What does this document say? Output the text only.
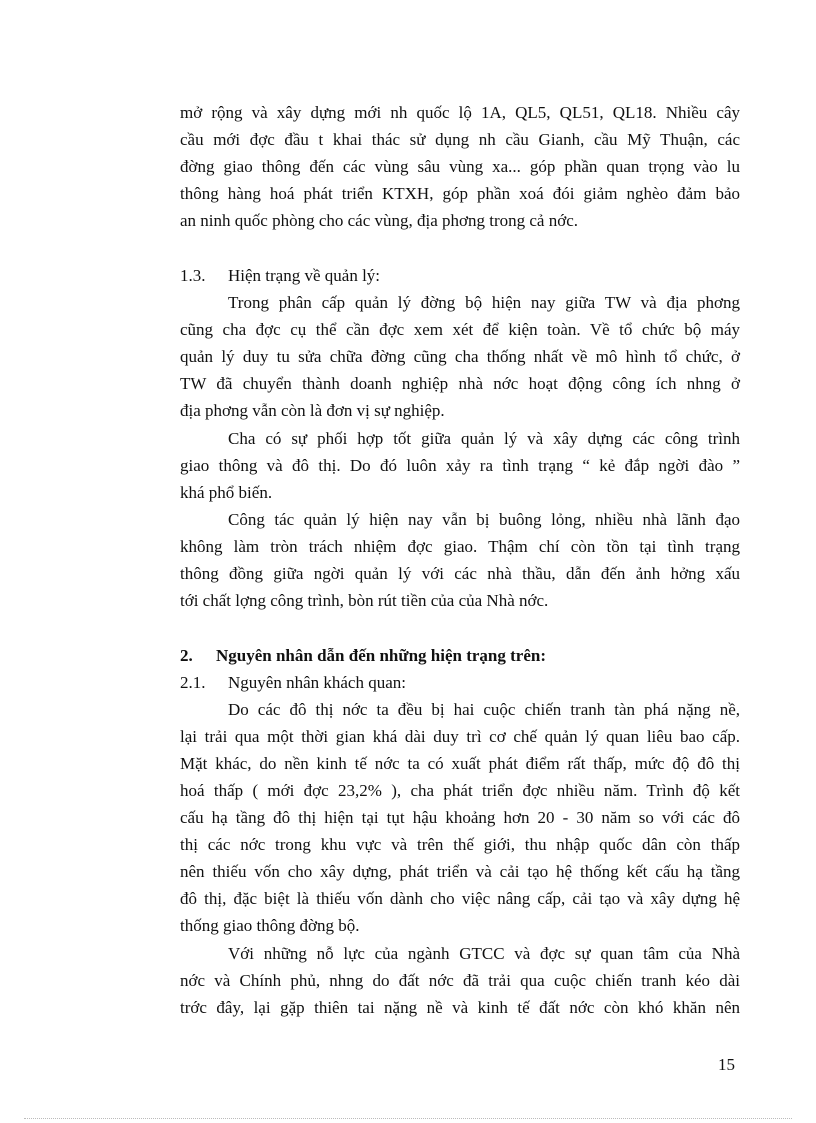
mở rộng và xây dựng mới nh quốc lộ 1A, QL5, QL51, QL18. Nhiều cây
cầu mới đợc đầu t khai thác sử dụng nh cầu Gianh, cầu Mỹ Thuận, các
đờng giao thông đến các vùng sâu vùng xa... góp phần quan trọng vào lu
thông hàng hoá phát triển KTXH, góp phần xoá đói giảm nghèo đảm bảo
an ninh quốc phòng cho các vùng, địa phơng trong cả nớc.
1.3. Hiện trạng về quản lý:
Trong phân cấp quản lý đờng bộ hiện nay giữa TW và địa phơng
cũng cha đợc cụ thể cần đợc xem xét để kiện toàn. Về tổ chức bộ máy
quản lý duy tu sửa chữa đờng cũng cha thống nhất về mô hình tổ chức, ở
TW đã chuyển thành doanh nghiệp nhà nớc hoạt động công ích nhng ở
địa phơng vẫn còn là đơn vị sự nghiệp.
Cha có sự phối hợp tốt giữa quản lý và xây dựng các công trình
giao thông và đô thị. Do đó luôn xảy ra tình trạng “ kẻ đắp ngời đào ”
khá phổ biến.
Công tác quản lý hiện nay vẫn bị buông lỏng, nhiều nhà lãnh đạo
không làm tròn trách nhiệm đợc giao. Thậm chí còn tồn tại tình trạng
thông đồng giữa ngời quản lý với các nhà thầu, dẫn đến ảnh hởng xấu
tới chất lợng công trình, bòn rút tiền của của Nhà nớc.
2. Nguyên nhân dẫn đến những hiện trạng trên:
2.1. Nguyên nhân khách quan:
Do các đô thị nớc ta đều bị hai cuộc chiến tranh tàn phá nặng nề,
lại trải qua một thời gian khá dài duy trì cơ chế quản lý quan liêu bao cấp.
Mặt khác, do nền kinh tế nớc ta có xuất phát điểm rất thấp, mức độ đô thị
hoá thấp ( mới đợc 23,2% ), cha phát triển đợc nhiều năm. Trình độ kết
cấu hạ tầng đô thị hiện tại tụt hậu khoảng hơn 20 - 30 năm so với các đô
thị các nớc trong khu vực và trên thế giới, thu nhập quốc dân còn thấp
nên thiếu vốn cho xây dựng, phát triển và cải tạo hệ thống kết cấu hạ tầng
đô thị, đặc biệt là thiếu vốn dành cho việc nâng cấp, cải tạo và xây dựng hệ
thống giao thông đờng bộ.
Với những nỗ lực của ngành GTCC và đợc sự quan tâm của Nhà
nớc và Chính phủ, nhng do đất nớc đã trải qua cuộc chiến tranh kéo dài
trớc đây, lại gặp thiên tai nặng nề và kinh tế đất nớc còn khó khăn nên
15
